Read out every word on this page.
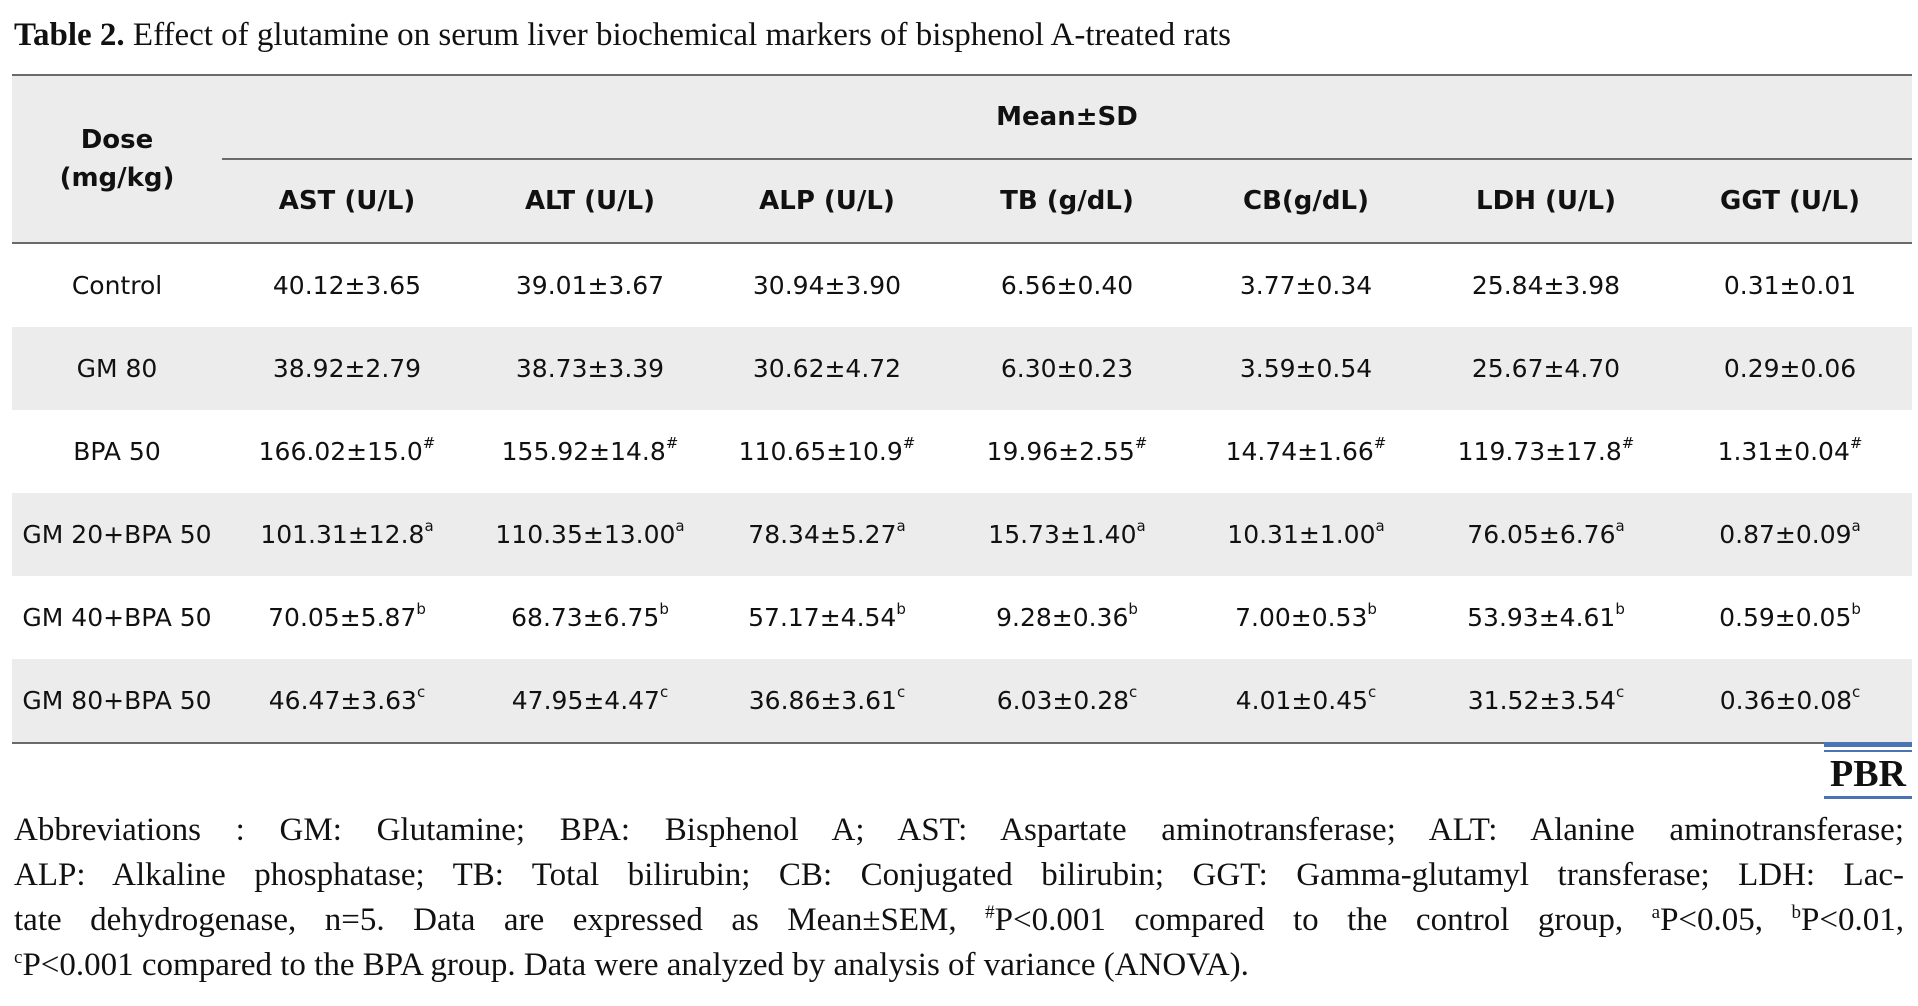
Table 2. Effect of glutamine on serum liver biochemical markers of bisphenol A-treated rats
Dose
(mg/kg)	Mean±SD						
	AST (U/L)	ALT (U/L)	ALP (U/L)	TB (g/dL)	CB(g/dL)	LDH (U/L)	GGT (U/L)
Control	40.12±3.65	39.01±3.67	30.94±3.90	6.56±0.40	3.77±0.34	25.84±3.98	0.31±0.01
GM 80	38.92±2.79	38.73±3.39	30.62±4.72	6.30±0.23	3.59±0.54	25.67±4.70	0.29±0.06
BPA 50	166.02±15.0#	155.92±14.8#	110.65±10.9#	19.96±2.55#	14.74±1.66#	119.73±17.8#	1.31±0.04#
GM 20+BPA 50	101.31±12.8$^a$	110.35±13.00$^a$	78.34±5.27$^a$	15.73±1.40$^a$	10.31±1.00$^a$	76.05±6.76$^a$	0.87±0.09$^a$
GM 40+BPA 50	70.05±5.87$^b$	68.73±6.75$^b$	57.17±4.54$^b$	9.28±0.36$^b$	7.00±0.53$^b$	53.93±4.61$^b$	0.59±0.05$^b$
GM 80+BPA 50	46.47±3.63$^c$	47.95±4.47$^c$	36.86±3.61$^c$	6.03±0.28$^c$	4.01±0.45$^c$	31.52±3.54$^c$	0.36±0.08$^c$
PBR
Abbreviations : GM: Glutamine; BPA: Bisphenol A; AST: Aspartate aminotransferase; ALT: Alanine aminotransferase;
ALP: Alkaline phosphatase; TB: Total bilirubin; CB: Conjugated bilirubin; GGT: Gamma-glutamyl transferase; LDH: Lac-
tate dehydrogenase, n=5. Data are expressed as Mean±SEM, #P<0.001 compared to the control group, $^a$P<0.05, $^b$P<0.01,
$^c$P<0.001 compared to the BPA group. Data were analyzed by analysis of variance (ANOVA).
